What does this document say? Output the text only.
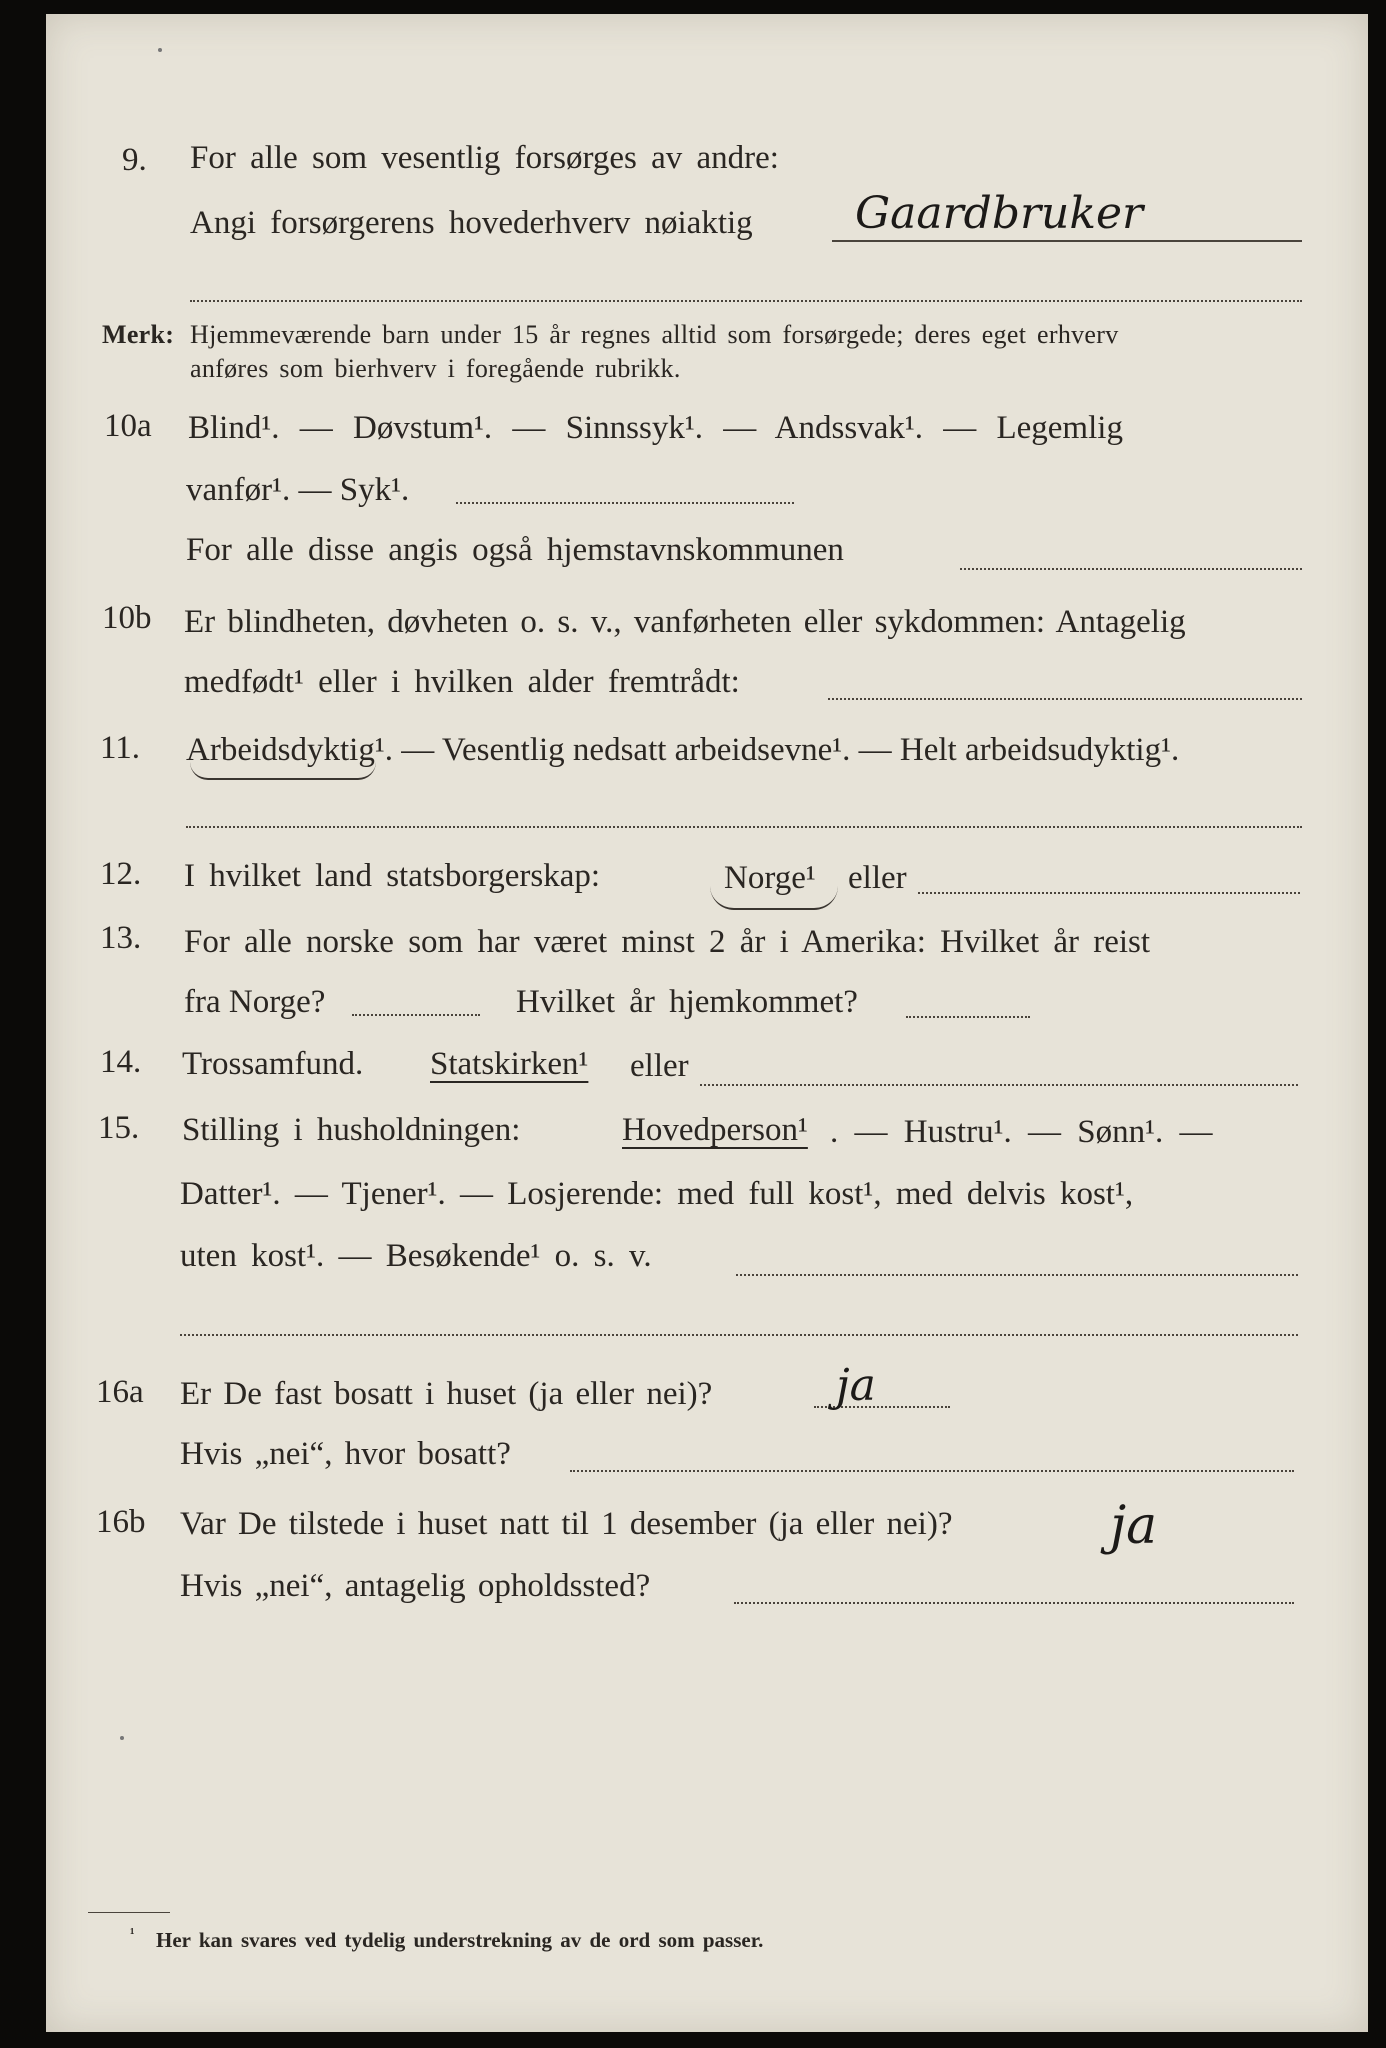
9. For alle som vesentlig forsørges av andre:
Angi forsørgerens hovederhverv nøiaktig Gaardbruker
Merk: Hjemmeværende barn under 15 år regnes alltid som forsørgede; deres eget erhverv
anføres som bierhverv i foregående rubrikk.
10a Blind¹. — Døvstum¹. — Sinnssyk¹. — Andssvak¹. — Legemlig
vanfør¹. — Syk¹.
For alle disse angis også hjemstavnskommunen
10b Er blindheten, døvheten o. s. v., vanførheten eller sykdommen: Antagelig
medfødt¹ eller i hvilken alder fremtrådt:
11. Arbeidsdyktig¹. — Vesentlig nedsatt arbeidsevne¹. — Helt arbeidsudyktig¹.
12. I hvilket land statsborgerskap:	Norge¹ eller
13. For alle norske som har været minst 2 år i Amerika: Hvilket år reist
fra Norge?	Hvilket år hjemkommet?
14. Trossamfund. Statskirken¹ eller
15. Stilling i husholdningen:	Hovedperson¹ . — Hustru¹. — Sønn¹. —
Datter¹. — Tjener¹. — Losjerende: med full kost¹, med delvis kost¹,
uten kost¹. — Besøkende¹ o. s. v.
16a Er De fast bosatt i huset (ja eller nei)?	ja
Hvis „nei“, hvor bosatt?
16b Var De tilstede i huset natt til 1 desember (ja eller nei)?	ja
Hvis „nei“, antagelig opholdssted?
¹ Her kan svares ved tydelig understrekning av de ord som passer.
